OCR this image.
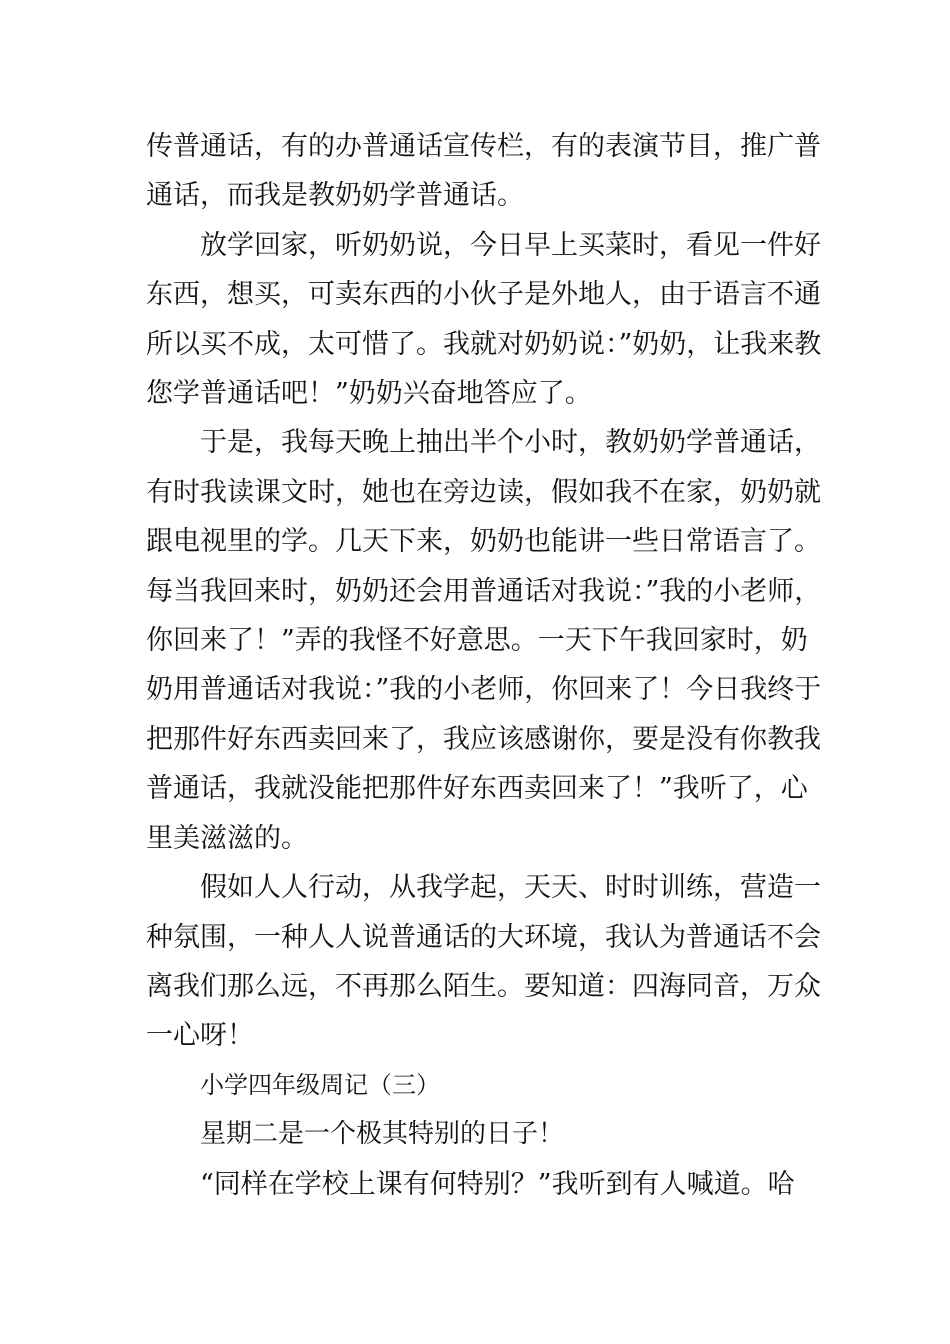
传普通话，有的办普通话宣传栏，有的表演节目，推广普通话，而我是教奶奶学普通话。

放学回家，听奶奶说，今日早上买菜时，看见一件好东西，想买，可卖东西的小伙子是外地人，由于语言不通所以买不成，太可惜了。我就对奶奶说：”奶奶，让我来教您学普通话吧！”奶奶兴奋地答应了。

于是，我每天晚上抽出半个小时，教奶奶学普通话，有时我读课文时，她也在旁边读，假如我不在家，奶奶就跟电视里的学。几天下来，奶奶也能讲一些日常语言了。每当我回来时，奶奶还会用普通话对我说：”我的小老师，你回来了！”弄的我怪不好意思。一天下午我回家时，奶奶用普通话对我说：”我的小老师，你回来了！今日我终于把那件好东西卖回来了，我应该感谢你，要是没有你教我普通话，我就没能把那件好东西卖回来了！”我听了，心里美滋滋的。

假如人人行动，从我学起，天天、时时训练，营造一种氛围，一种人人说普通话的大环境，我认为普通话不会离我们那么远，不再那么陌生。要知道：四海同音，万众一心呀！

小学四年级周记（三）

星期二是一个极其特别的日子！

“同样在学校上课有何特别？”我听到有人喊道。哈
